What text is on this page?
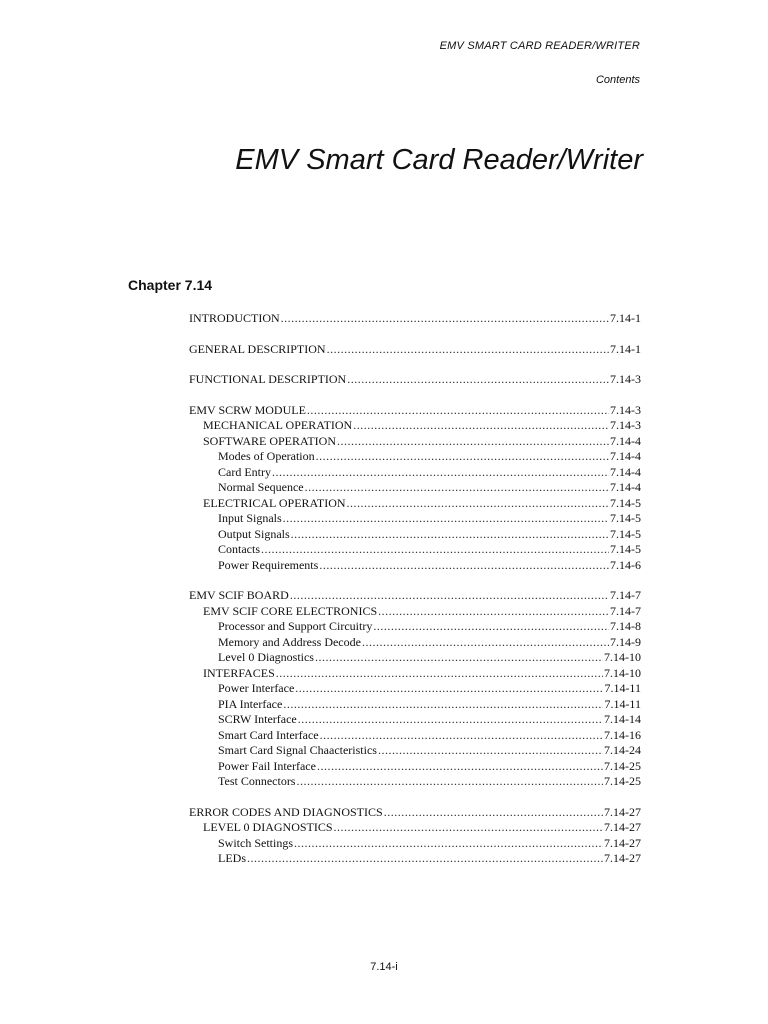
EMV SMART CARD READER/WRITER
Contents
EMV Smart Card Reader/Writer
Chapter 7.14
INTRODUCTION .....	7.14-1
GENERAL DESCRIPTION .....	7.14-1
FUNCTIONAL DESCRIPTION .....	7.14-3
EMV SCRW MODULE .....	7.14-3
MECHANICAL OPERATION .....	7.14-3
SOFTWARE OPERATION .....	7.14-4
Modes of Operation .....	7.14-4
Card Entry .....	7.14-4
Normal Sequence .....	7.14-4
ELECTRICAL OPERATION .....	7.14-5
Input Signals .....	7.14-5
Output Signals .....	7.14-5
Contacts .....	7.14-5
Power Requirements .....	7.14-6
EMV SCIF BOARD .....	7.14-7
EMV SCIF CORE ELECTRONICS .....	7.14-7
Processor and Support Circuitry .....	7.14-8
Memory and Address Decode .....	7.14-9
Level 0 Diagnostics .....	7.14-10
INTERFACES .....	7.14-10
Power Interface .....	7.14-11
PIA Interface .....	7.14-11
SCRW Interface .....	7.14-14
Smart Card Interface .....	7.14-16
Smart Card Signal Chaacteristics .....	7.14-24
Power Fail Interface .....	7.14-25
Test Connectors .....	7.14-25
ERROR CODES AND DIAGNOSTICS .....	7.14-27
LEVEL 0 DIAGNOSTICS .....	7.14-27
Switch Settings .....	7.14-27
LEDs .....	7.14-27
7.14-i
